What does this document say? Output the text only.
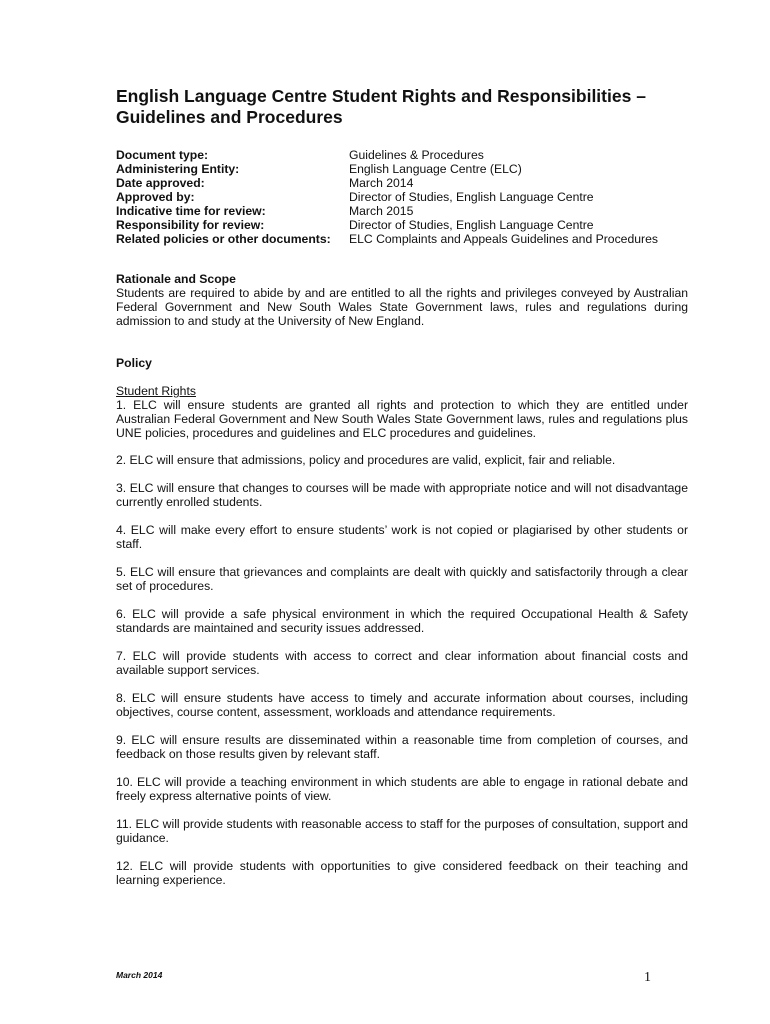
English Language Centre Student Rights and Responsibilities – Guidelines and Procedures
Document type:	Guidelines & Procedures
Administering Entity:	English Language Centre (ELC)
Date approved:	March 2014
Approved by:	Director of Studies, English Language Centre
Indicative time for review:	March 2015
Responsibility for review:	Director of Studies, English Language Centre
Related policies or other documents:	ELC Complaints and Appeals Guidelines and Procedures
Rationale and Scope
Students are required to abide by and are entitled to all the rights and privileges conveyed by Australian Federal Government and New South Wales State Government laws, rules and regulations during admission to and study at the University of New England.
Policy
Student Rights
1. ELC will ensure students are granted all rights and protection to which they are entitled under Australian Federal Government and New South Wales State Government laws, rules and regulations plus UNE policies, procedures and guidelines and ELC procedures and guidelines.
2. ELC will ensure that admissions, policy and procedures are valid, explicit, fair and reliable.
3. ELC will ensure that changes to courses will be made with appropriate notice and will not disadvantage currently enrolled students.
4. ELC will make every effort to ensure students’ work is not copied or plagiarised by other students or staff.
5. ELC will ensure that grievances and complaints are dealt with quickly and satisfactorily through a clear set of procedures.
6. ELC will provide a safe physical environment in which the required Occupational Health & Safety standards are maintained and security issues addressed.
7. ELC will provide students with access to correct and clear information about financial costs and available support services.
8. ELC will ensure students have access to timely and accurate information about courses, including objectives, course content, assessment, workloads and attendance requirements.
9. ELC will ensure results are disseminated within a reasonable time from completion of courses, and feedback on those results given by relevant staff.
10. ELC will provide a teaching environment in which students are able to engage in rational debate and freely express alternative points of view.
11. ELC will provide students with reasonable access to staff for the purposes of consultation, support and guidance.
12. ELC will provide students with opportunities to give considered feedback on their teaching and learning experience.
March 2014	1
